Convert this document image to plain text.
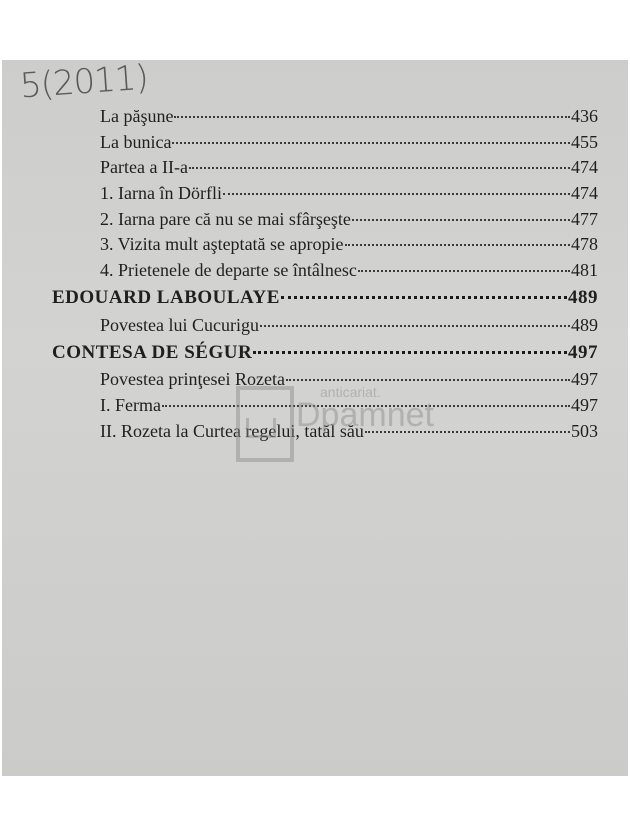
5(2011)
La păşune	436
La bunica	455
Partea a II-a	474
1. Iarna în Dörfli	474
2. Iarna pare că nu se mai sfârşeşte	477
3. Vizita mult aşteptată se apropie	478
4. Prietenele de departe se întâlnesc	481
EDOUARD LABOULAYE	489
Povestea lui Cucurigu	489
CONTESA DE SÉGUR	497
Povestea prinţesei Rozeta	497
I. Ferma	497
II. Rozeta la Curtea regelui, tatăl său	503
anticariat.
Dpamnet
